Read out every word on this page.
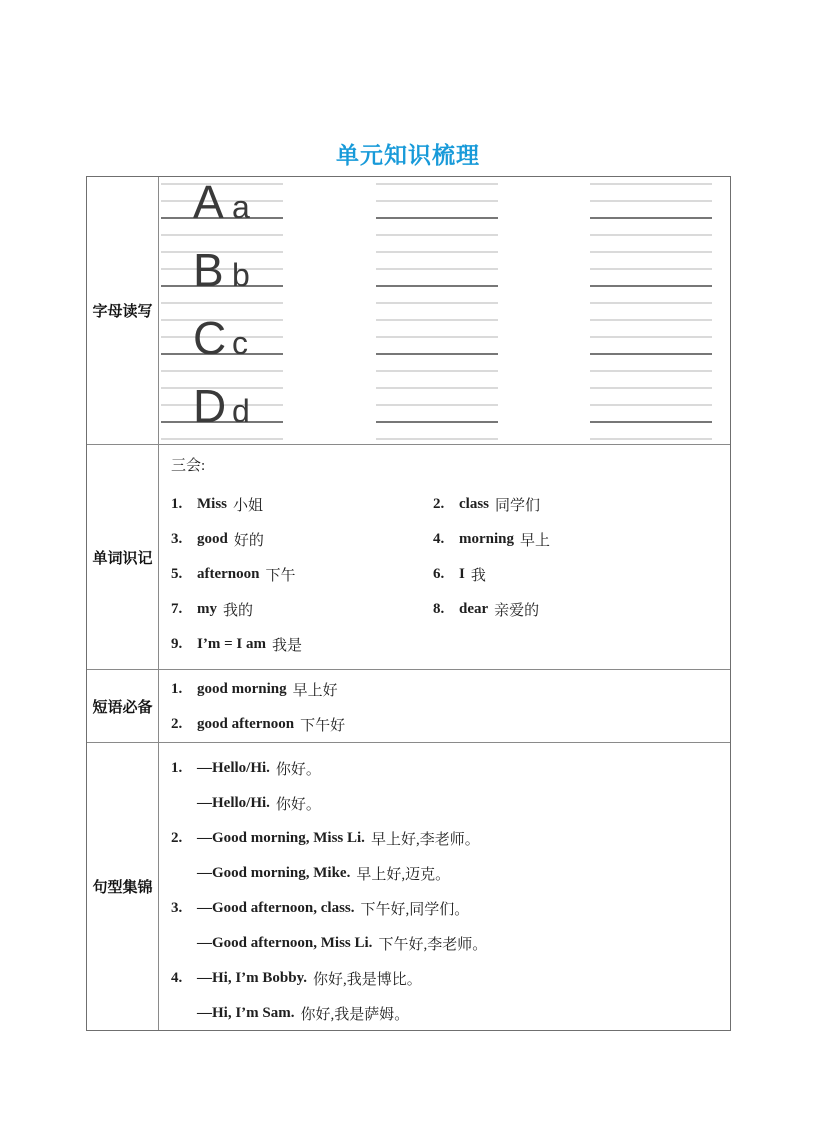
单元知识梳理
字母读写
A a
B b
C c
D d
单词识记
三会:
1. Miss 小姐	2. class 同学们
3. good 好的	4. morning 早上
5. afternoon 下午	6. I 我
7. my 我的	8. dear 亲爱的
9. I’m = I am 我是
短语必备
1. good morning 早上好
2. good afternoon 下午好
句型集锦
1. —Hello/Hi. 你好。
—Hello/Hi. 你好。
2. —Good morning, Miss Li. 早上好,李老师。
—Good morning, Mike. 早上好,迈克。
3. —Good afternoon, class. 下午好,同学们。
—Good afternoon, Miss Li. 下午好,李老师。
4. —Hi, I’m Bobby. 你好,我是博比。
—Hi, I’m Sam. 你好,我是萨姆。
